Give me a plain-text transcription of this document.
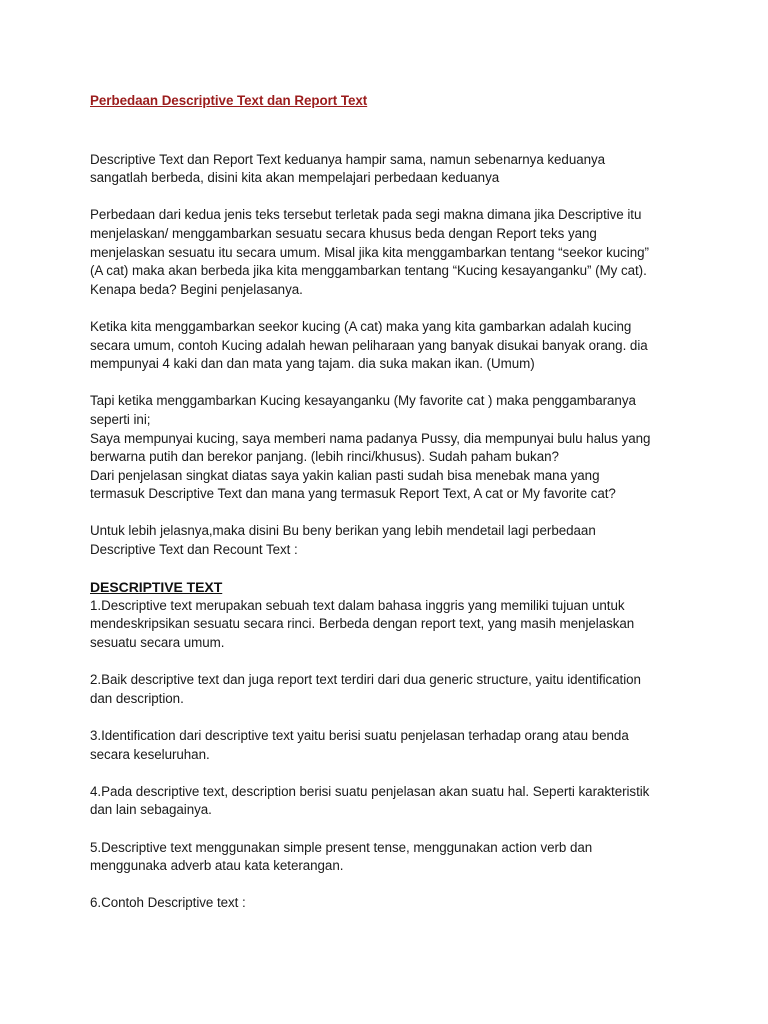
Perbedaan Descriptive Text dan Report Text

Descriptive Text dan Report Text keduanya hampir sama, namun sebenarnya keduanya
sangatlah berbeda, disini kita akan mempelajari perbedaan keduanya

Perbedaan dari kedua jenis teks tersebut terletak pada segi makna dimana jika Descriptive itu
menjelaskan/ menggambarkan sesuatu secara khusus beda dengan Report teks yang
menjelaskan sesuatu itu secara umum. Misal jika kita menggambarkan tentang “seekor kucing”
(A cat) maka akan berbeda jika kita menggambarkan tentang “Kucing kesayanganku” (My cat).
Kenapa beda? Begini penjelasanya.

Ketika kita menggambarkan seekor kucing (A cat) maka yang kita gambarkan adalah kucing
secara umum, contoh Kucing adalah hewan peliharaan yang banyak disukai banyak orang. dia
mempunyai 4 kaki dan dan mata yang tajam. dia suka makan ikan. (Umum)

Tapi ketika menggambarkan Kucing kesayanganku (My favorite cat ) maka penggambaranya
seperti ini;
Saya mempunyai kucing, saya memberi nama padanya Pussy, dia mempunyai bulu halus yang
berwarna putih dan berekor panjang. (lebih rinci/khusus). Sudah paham bukan?
Dari penjelasan singkat diatas saya yakin kalian pasti sudah bisa menebak mana yang
termasuk Descriptive Text dan mana yang termasuk Report Text, A cat or My favorite cat?

Untuk lebih jelasnya,maka disini Bu beny berikan yang lebih mendetail lagi perbedaan
Descriptive Text dan Recount Text :

DESCRIPTIVE TEXT
1.Descriptive text merupakan sebuah text dalam bahasa inggris yang memiliki tujuan untuk
mendeskripsikan sesuatu secara rinci. Berbeda dengan report text, yang masih menjelaskan
sesuatu secara umum.
2.Baik descriptive text dan juga report text terdiri dari dua generic structure, yaitu identification
dan description.
3.Identification dari descriptive text yaitu berisi suatu penjelasan terhadap orang atau benda
secara keseluruhan.
4.Pada descriptive text, description berisi suatu penjelasan akan suatu hal. Seperti karakteristik
dan lain sebagainya.
5.Descriptive text menggunakan simple present tense, menggunakan action verb dan
menggunaka adverb atau kata keterangan.
6.Contoh Descriptive text :
